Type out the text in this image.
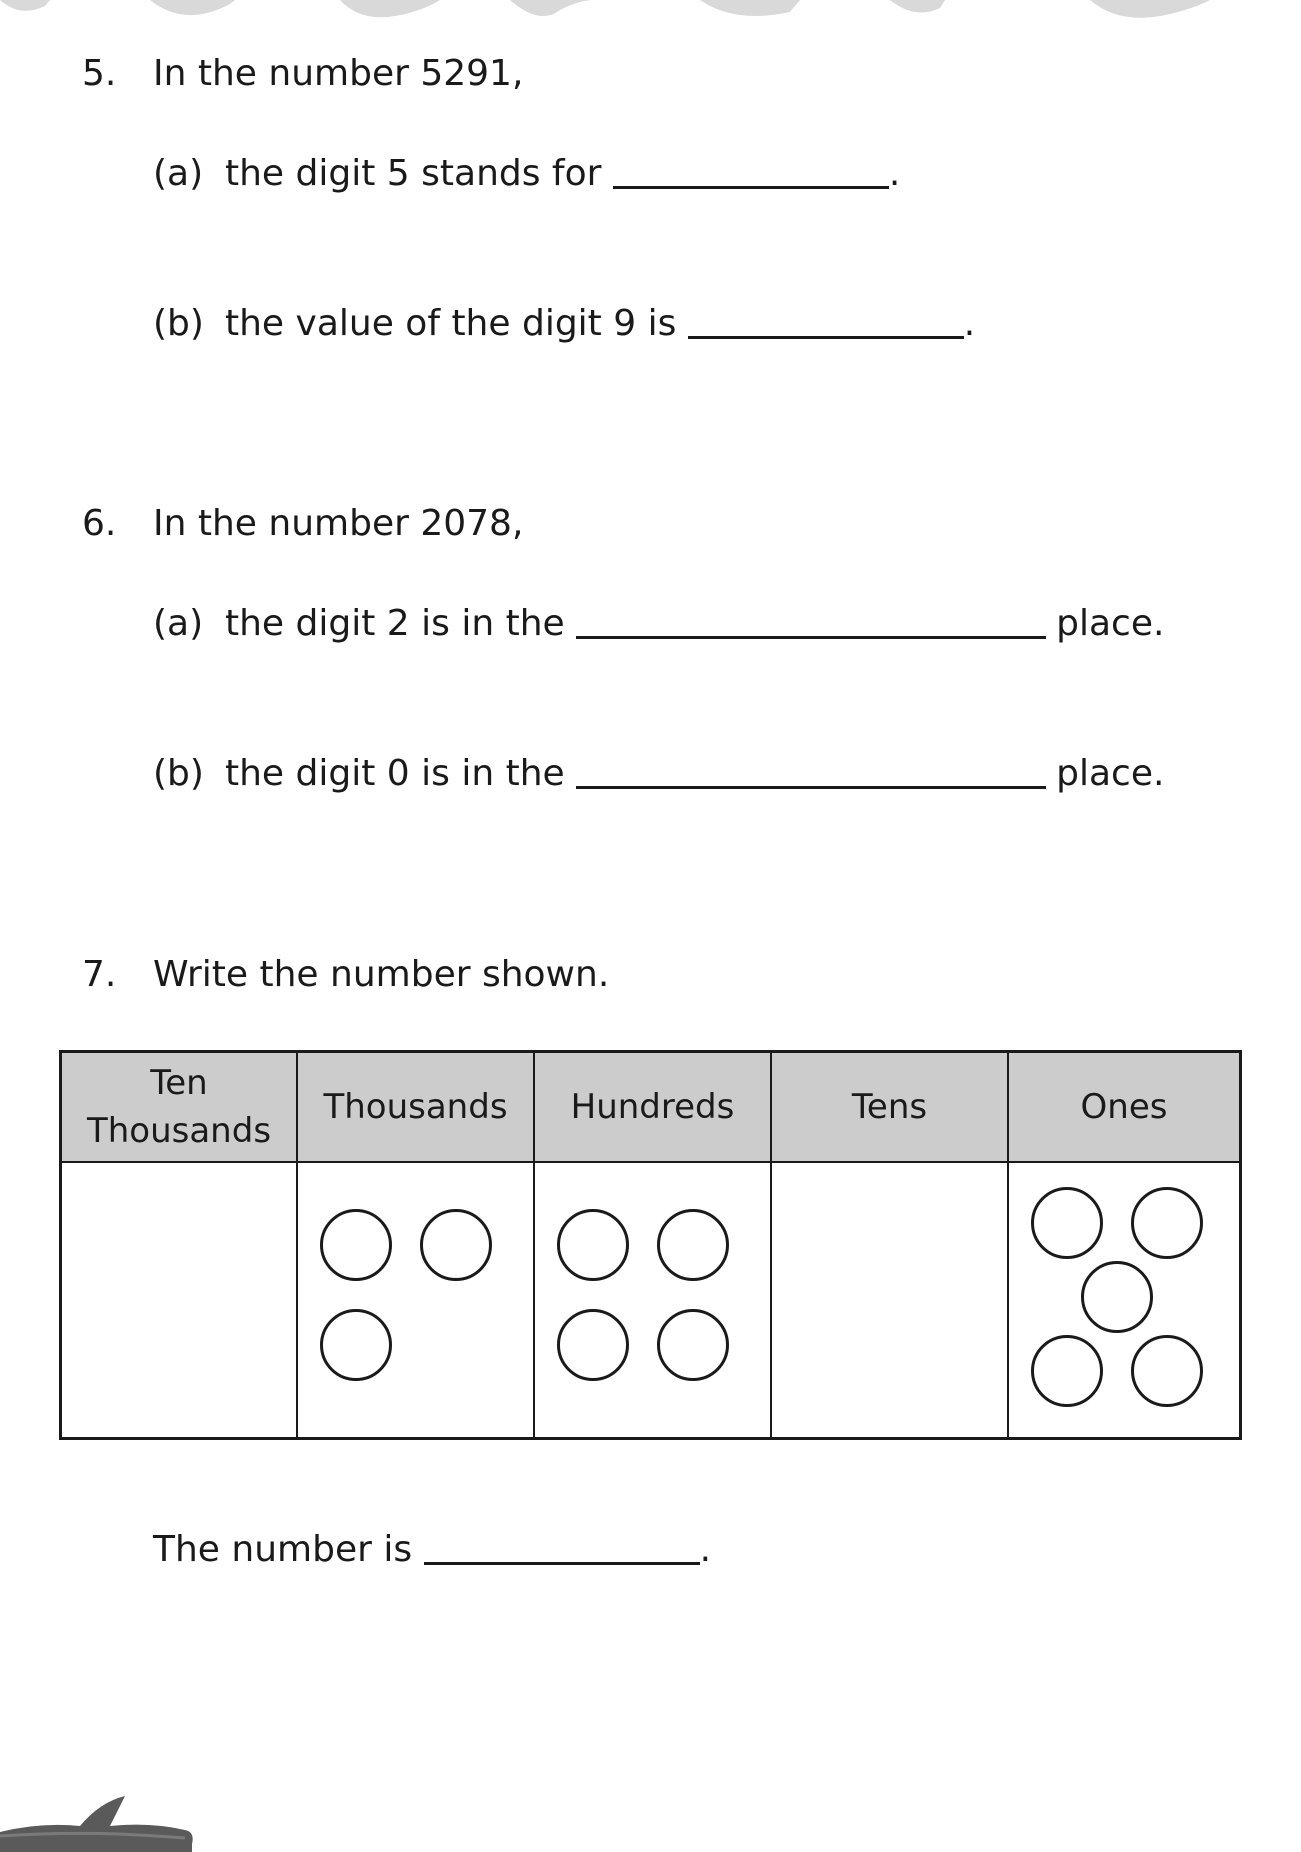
5. In the number 5291,
(a) the digit 5 stands for	.
(b) the value of the digit 9 is	.
6. In the number 2078,
(a) the digit 2 is in the	place.
(b) the digit 0 is in the	place.
7. Write the number shown.
Ten Thousands	Thousands	Hundreds	Tens	Ones

The number is	.
